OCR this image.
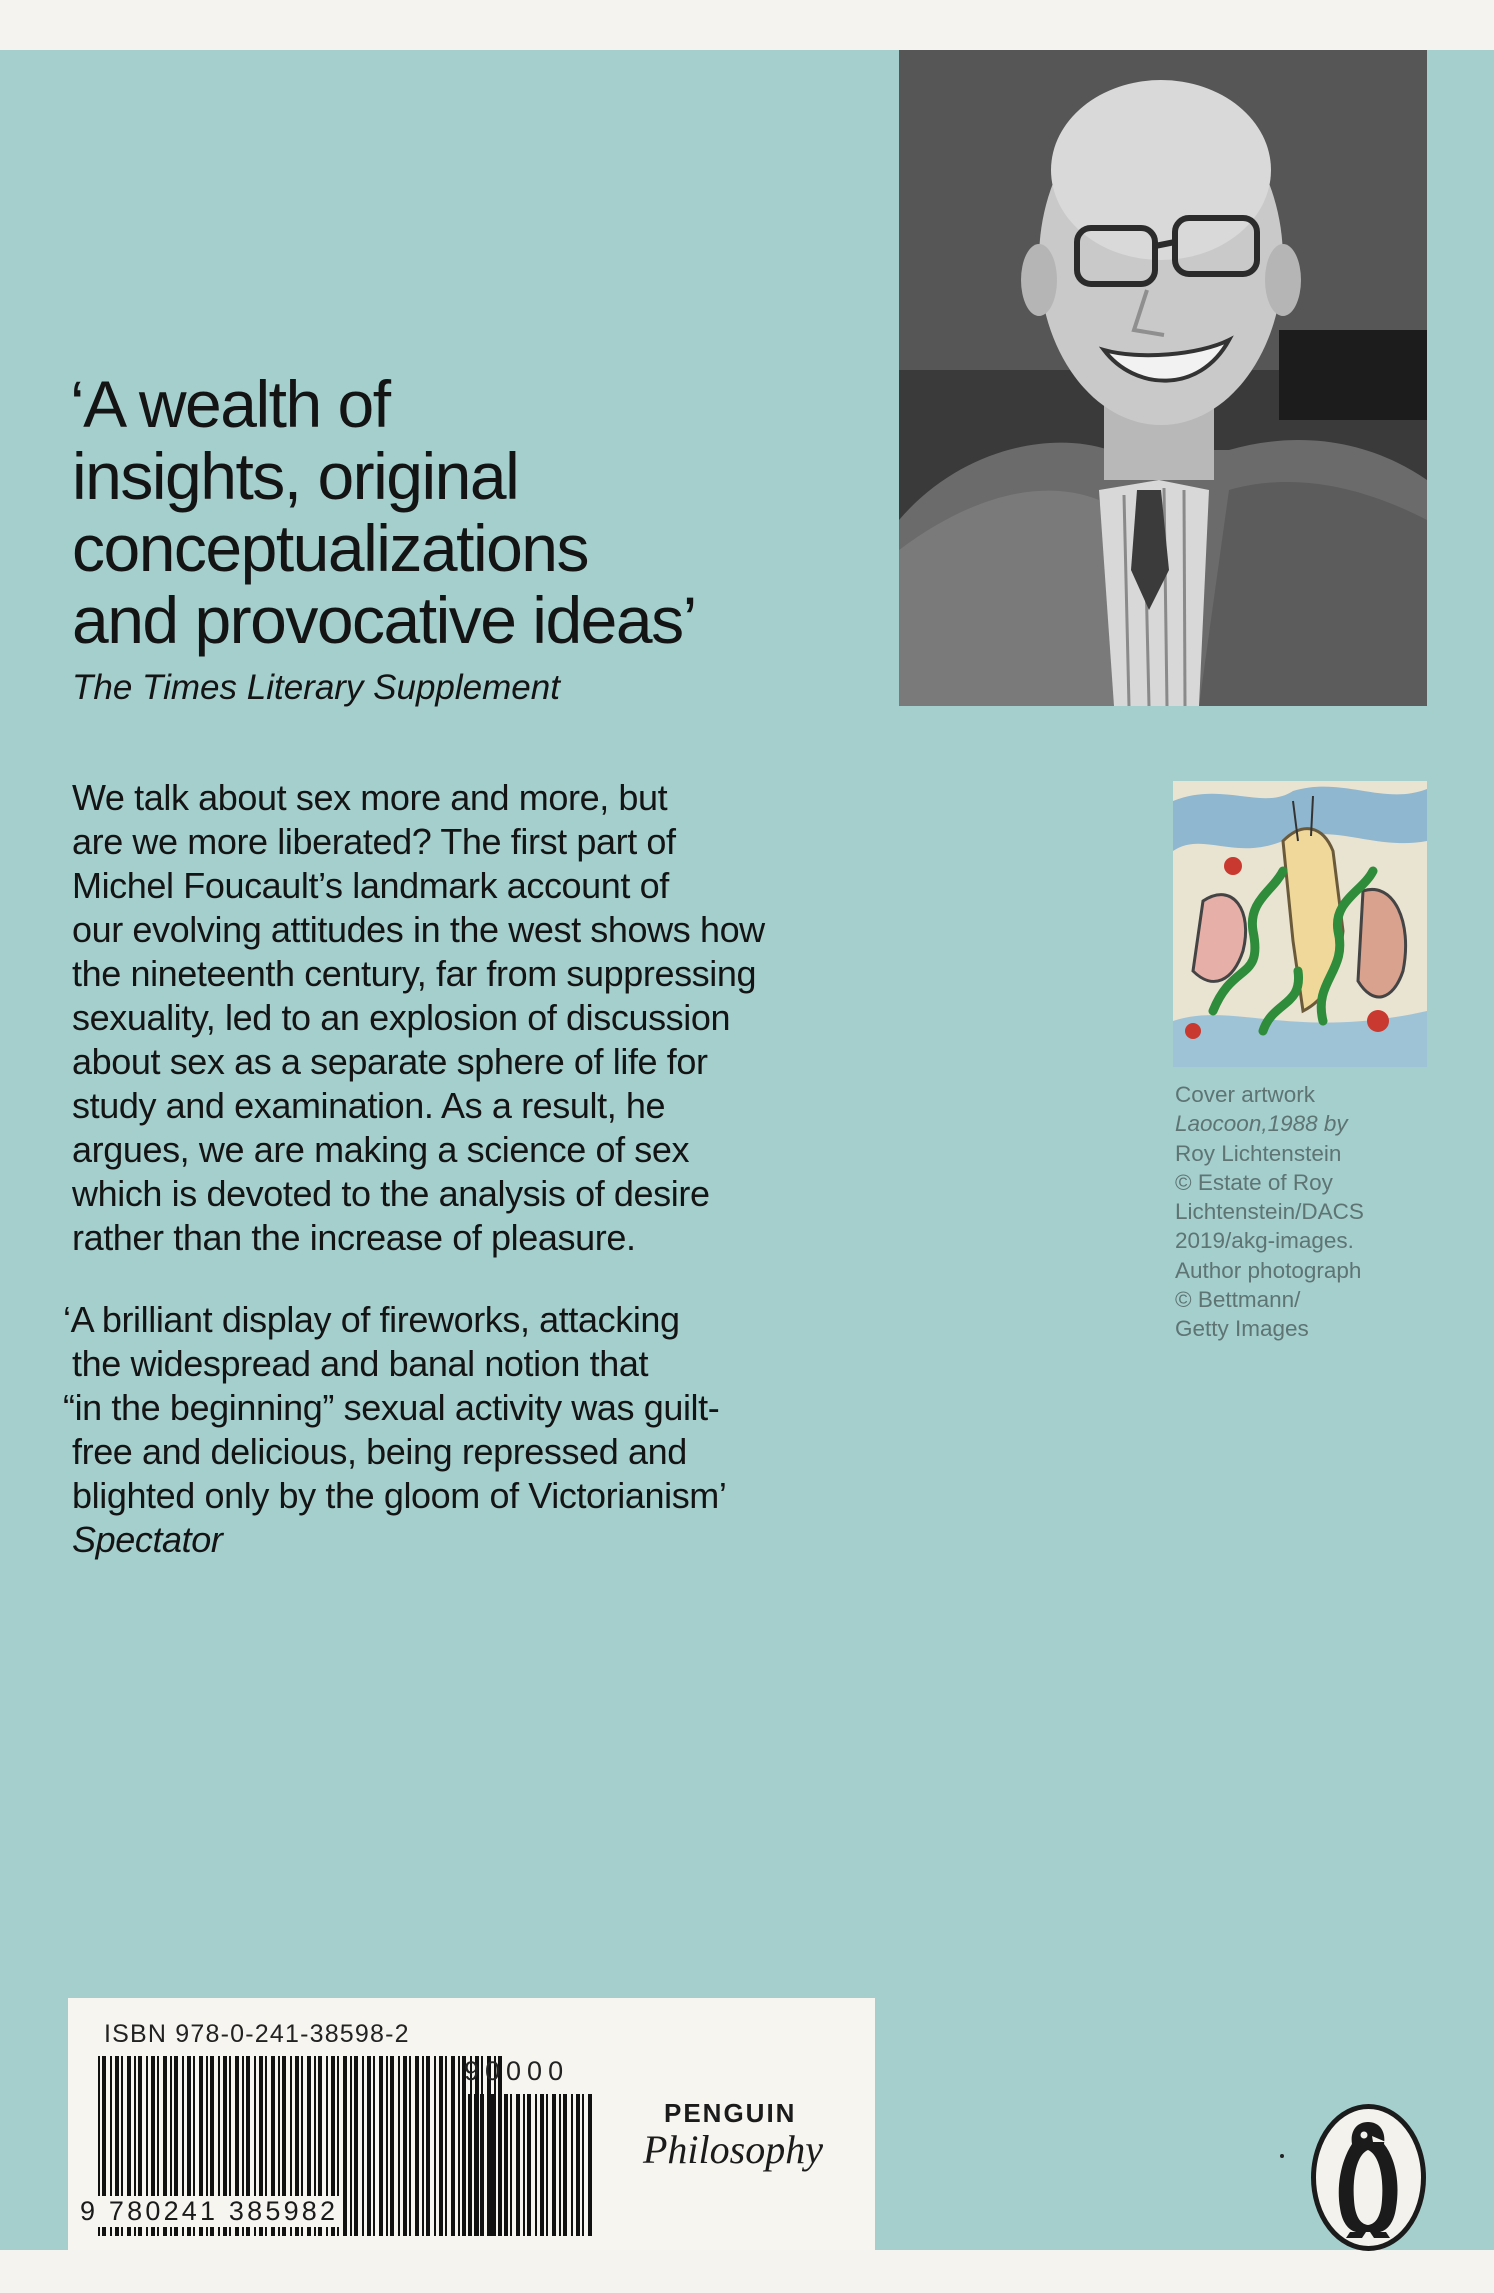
‘A wealth of
insights, original
conceptualizations
and provocative ideas’
The Times Literary Supplement
We talk about sex more and more, but
are we more liberated? The first part of
Michel Foucault’s landmark account of
our evolving attitudes in the west shows how
the nineteenth century, far from suppressing
sexuality, led to an explosion of discussion
about sex as a separate sphere of life for
study and examination. As a result, he
argues, we are making a science of sex
which is devoted to the analysis of desire
rather than the increase of pleasure.
‘A brilliant display of fireworks, attacking
the widespread and banal notion that
“in the beginning” sexual activity was guilt-
free and delicious, being repressed and
blighted only by the gloom of Victorianism’
Spectator
Cover artwork
Laocoon,1988 by
Roy Lichtenstein
© Estate of Roy
Lichtenstein/DACS
2019/akg-images.
Author photograph
© Bettmann/
Getty Images
ISBN 978-0-241-38598-2
9 780241 385982
90000
PENGUIN
Philosophy
